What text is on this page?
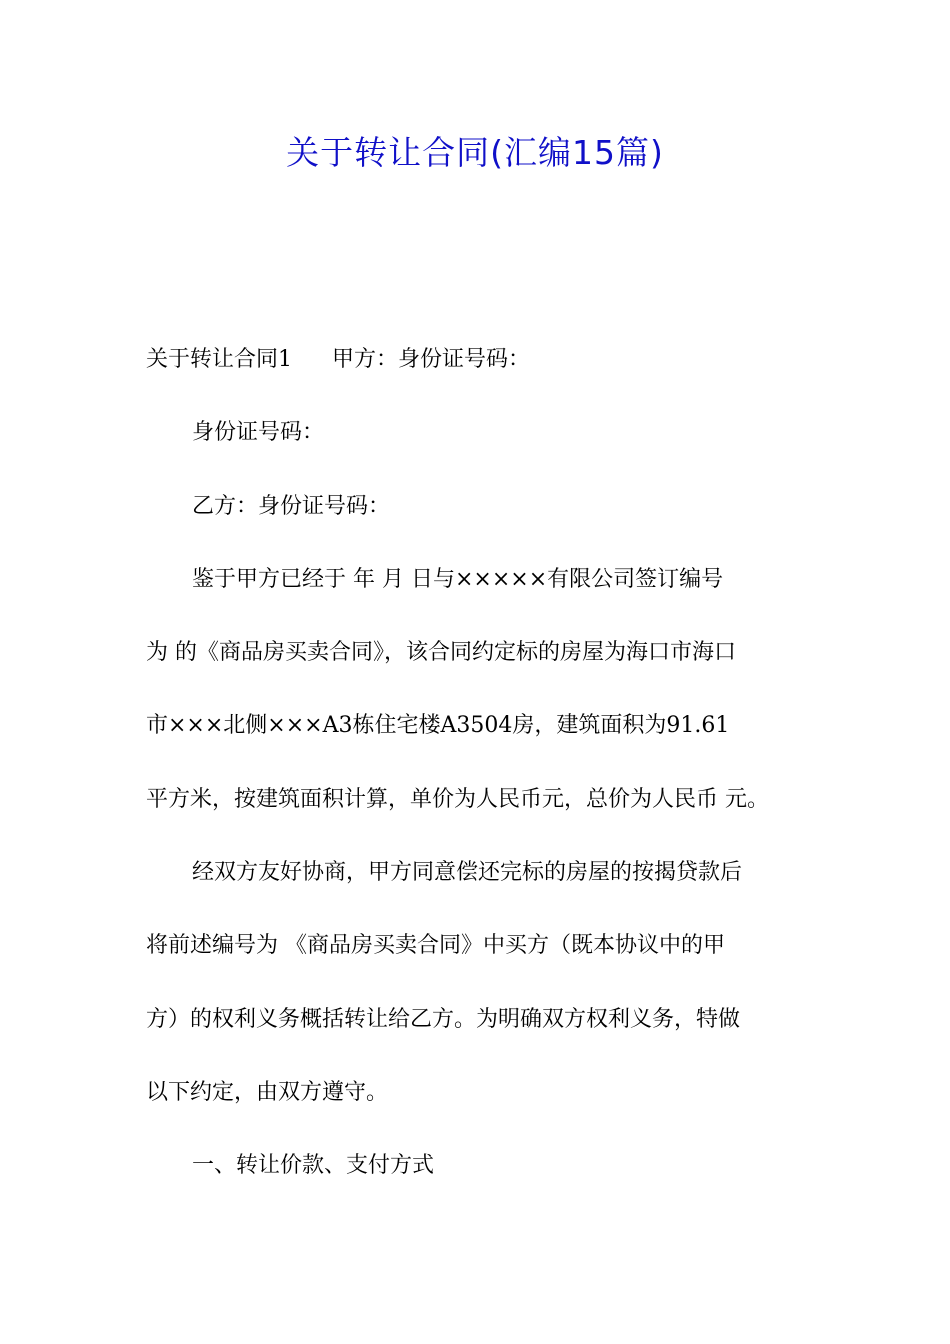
关于转让合同(汇编15篇)
关于转让合同1 甲方：身份证号码：
身份证号码：
乙方：身份证号码：
鉴于甲方已经于 年 月 日与×××××有限公司签订编号
为 的《商品房买卖合同》，该合同约定标的房屋为海口市海口
市×××北侧×××A3栋住宅楼A3504房，建筑面积为91.61
平方米，按建筑面积计算，单价为人民币元，总价为人民币 元。
经双方友好协商，甲方同意偿还完标的房屋的按揭贷款后
将前述编号为 《商品房买卖合同》中买方（既本协议中的甲
方）的权利义务概括转让给乙方。为明确双方权利义务，特做
以下约定，由双方遵守。
一、转让价款、支付方式
